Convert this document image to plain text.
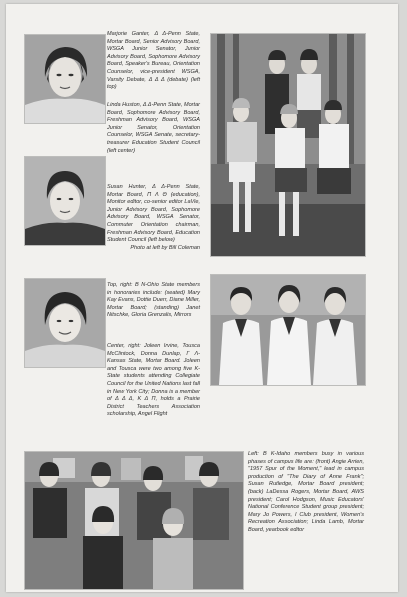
Marjorie Ganter, Δ Δ-Penn State, Mortar Board, Senior Advisory Board, WSGA Junior Senator, Junior Advisory Board, Sophomore Advisory Board, Speaker's Bureau, Orientation Counselor, vice-president WSGA, Varsity Debate, Δ Δ Δ (debate) (left top)
Linda Huston, Δ Δ-Penn State, Mortar Board, Sophomore Advisory Board, Freshman Advisory Board, WSGA Junior Senator, Orientation Counselor, WSGA Senate, secretary-treasurer Education Student Council (left center)
Susan Hunter, Δ Δ-Penn State, Mortar Board, Π Λ Θ (education), Monitor editor, co-senior editor LaVie, Junior Advisory Board, Sophomore Advisory Board, WSGA Senator, Commuter Orientation chairman, Freshman Advisory Board, Education Student Council (left below)
Photo at left by Bill Coleman
Top, right: B N-Ohio State members in honoraries include: (seated) Mary Kay Evans, Dottie Duerr, Diane Miller, Mortar Board; (standing) Janet Nitschke, Gloria Grenzalis, Mirrors
Center, right: Joleen Irvine, Tousca McClintock, Donna Dunlap, Γ Λ-Kansas State, Mortar Board. Joleen and Tousca were two among five K-State students attending Collegiate Council for the United Nations last fall in New York City; Donna is a member of Δ Δ Δ, Κ Δ Π, holds a Prairie District Teachers Association scholarship, Angel Flight
Left: B K-Idaho members busy in various phases of campus life are: (front) Angie Arrien, "1957 Spur of the Moment," lead in campus production of "The Diary of Anne Frank"; Susan Rutledge, Mortar Board president; (back) LaDessa Rogers, Mortar Board, AWS president; Carol Hodgson, Music Educators' National Conference Student group president; Mary Jo Powers, I Club president, Women's Recreation Association; Linda Lamb, Mortar Board, yearbook editor
